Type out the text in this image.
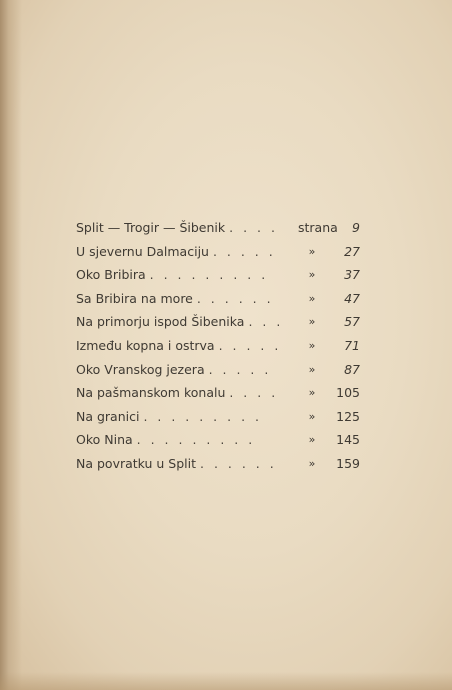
Split — Trogir — Šibenik . . . . strana 9
U sjevernu Dalmaciju . . . . .	» 27
Oko Bribira . . . . . . . . .	» 37
Sa Bribira na more . . . . . .	» 47
Na primorju ispod Šibenika . . . » 57
Između kopna i ostrva . . . . . » 71
Oko Vranskog jezera . . . . .	» 87
Na pašmanskom konalu . . . .	» 105
Na granici . . . . . . . . .	» 125
Oko Nina . . . . . . . . .	» 145
Na povratku u Split . . . . . .	» 159
